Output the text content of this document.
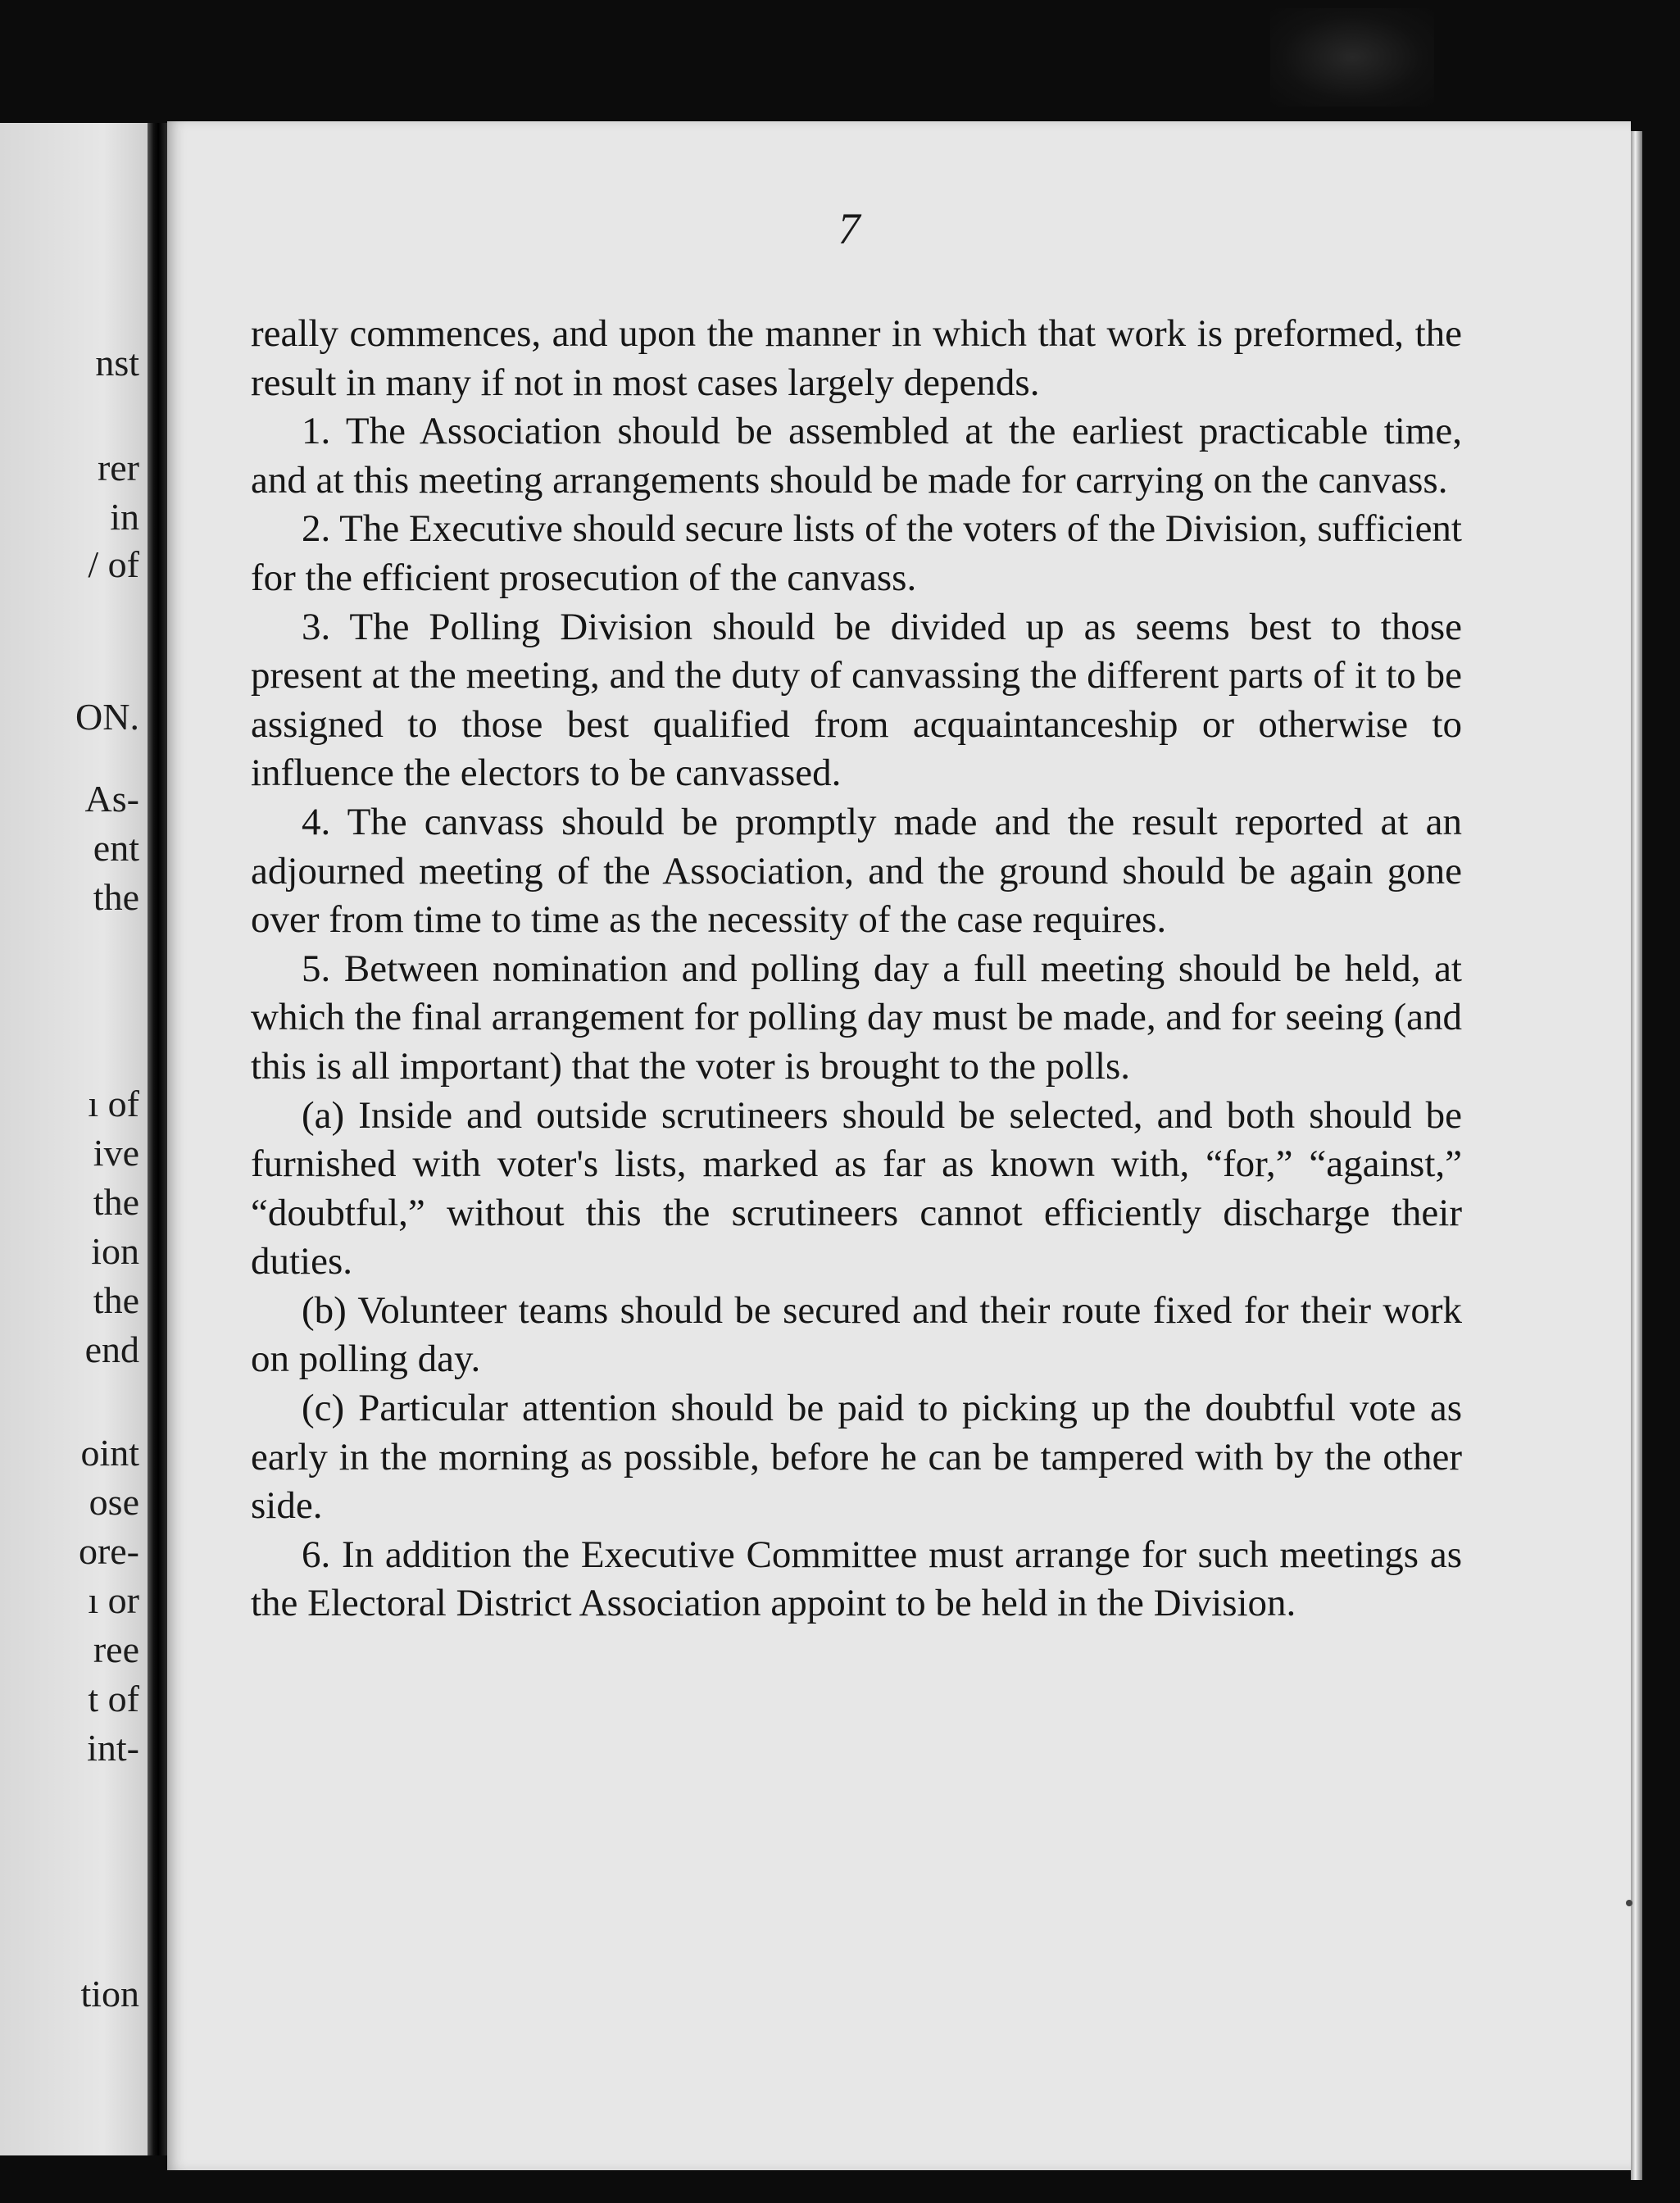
nst
rer
in
/ of
ON.
As-
ent
the
ı of
ive
the
ion
the
end
oint
ose
ore-
ı or
ree
t of
int-
tion
7

really commences, and upon the manner in which that work is preformed, the result in many if not in most cases largely depends.

1. The Association should be assembled at the earliest practicable time, and at this meeting arrangements should be made for carrying on the canvass.

2. The Executive should secure lists of the voters of the Division, sufficient for the efficient prosecution of the canvass.

3. The Polling Division should be divided up as seems best to those present at the meeting, and the duty of canvassing the different parts of it to be assigned to those best qualified from acquaintanceship or otherwise to influence the electors to be canvassed.

4. The canvass should be promptly made and the result reported at an adjourned meeting of the Association, and the ground should be again gone over from time to time as the necessity of the case requires.

5. Between nomination and polling day a full meeting should be held, at which the final arrangement for polling day must be made, and for seeing (and this is all important) that the voter is brought to the polls.

(a) Inside and outside scrutineers should be selected, and both should be furnished with voter's lists, marked as far as known with, “for,” “against,” “doubtful,” without this the scrutineers cannot efficiently discharge their duties.

(b) Volunteer teams should be secured and their route fixed for their work on polling day.

(c) Particular attention should be paid to picking up the doubtful vote as early in the morning as possible, before he can be tampered with by the other side.

6. In addition the Executive Committee must arrange for such meetings as the Electoral District Association appoint to be held in the Division.
